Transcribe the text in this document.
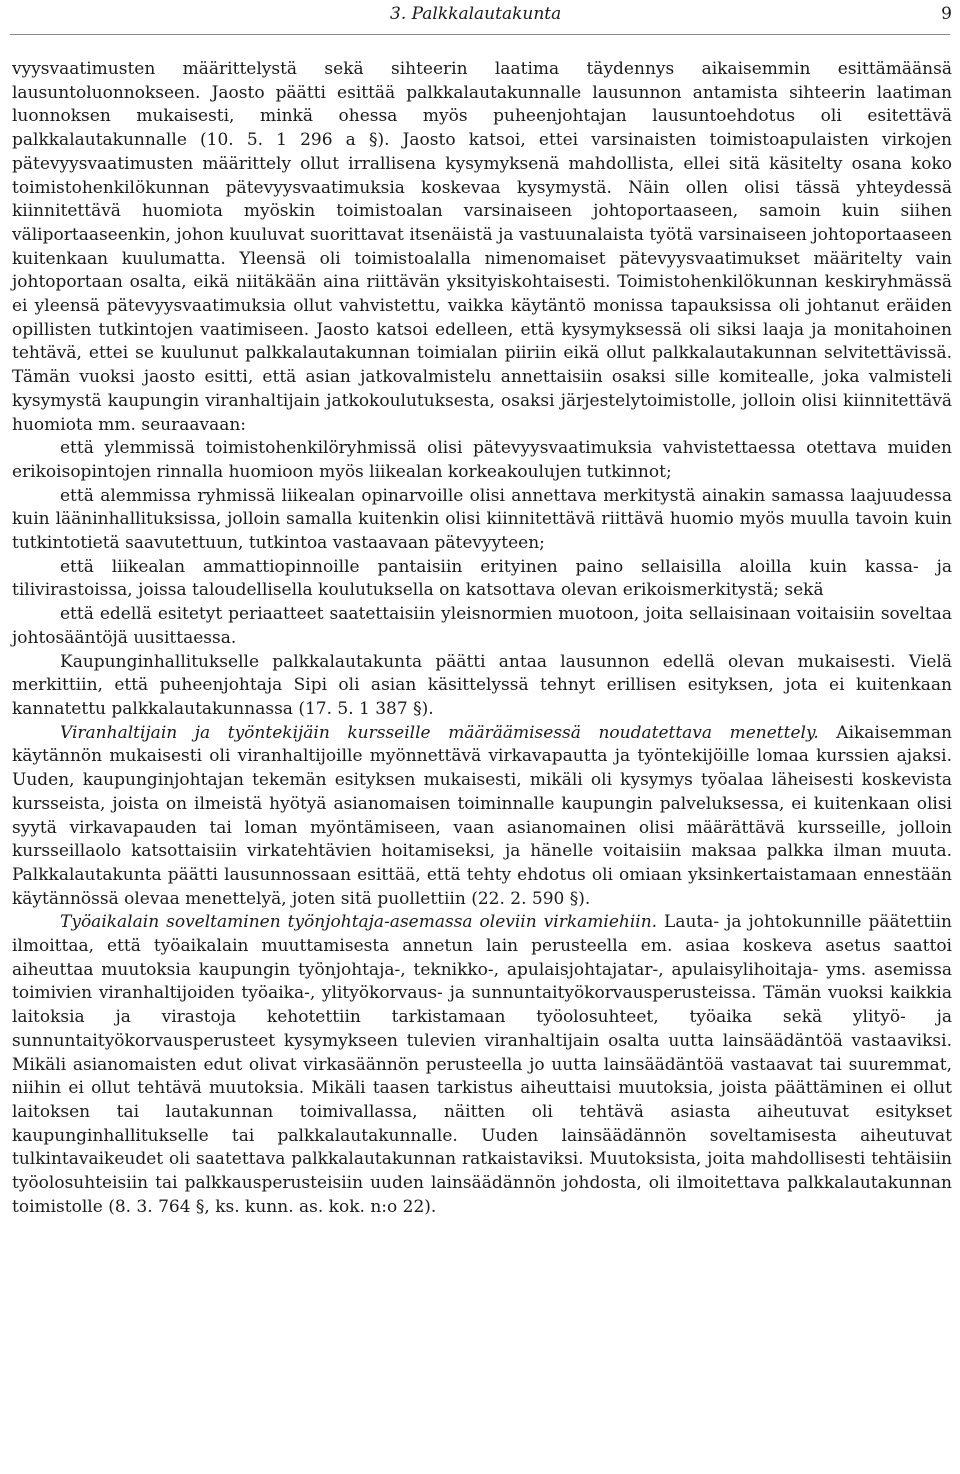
3. Palkkalautakunta	9

vyysvaatimusten määrittelystä sekä sihteerin laatima täydennys aikaisemmin esittämäänsä lausuntoluonnokseen. Jaosto päätti esittää palkkalautakunnalle lausunnon antamista sihteerin laatiman luonnoksen mukaisesti, minkä ohessa myös puheenjohtajan lausuntoehdotus oli esitettävä palkkalautakunnalle (10. 5. 1 296 a §). Jaosto katsoi, ettei varsinaisten toimistoapulaisten virkojen pätevyysvaatimusten määrittely ollut irrallisena kysymyksenä mahdollista, ellei sitä käsitelty osana koko toimistohenkilökunnan pätevyysvaatimuksia koskevaa kysymystä. Näin ollen olisi tässä yhteydessä kiinnitettävä huomiota myöskin toimistoalan varsinaiseen johtoportaaseen, samoin kuin siihen väliportaaseenkin, johon kuuluvat suorittavat itsenäistä ja vastuunalaista työtä varsinaiseen johtoportaaseen kuitenkaan kuulumatta. Yleensä oli toimistoalalla nimenomaiset pätevyysvaatimukset määritelty vain johtoportaan osalta, eikä niitäkään aina riittävän yksityiskohtaisesti. Toimistohenkilökunnan keskiryhmässä ei yleensä pätevyysvaatimuksia ollut vahvistettu, vaikka käytäntö monissa tapauksissa oli johtanut eräiden opillisten tutkintojen vaatimiseen. Jaosto katsoi edelleen, että kysymyksessä oli siksi laaja ja monitahoinen tehtävä, ettei se kuulunut palkkalautakunnan toimialan piiriin eikä ollut palkkalautakunnan selvitettävissä. Tämän vuoksi jaosto esitti, että asian jatkovalmistelu annettaisiin osaksi sille komitealle, joka valmisteli kysymystä kaupungin viranhaltijain jatkokoulutuksesta, osaksi järjestelytoimistolle, jolloin olisi kiinnitettävä huomiota mm. seuraavaan:

että ylemmissä toimistohenkilöryhmissä olisi pätevyysvaatimuksia vahvistettaessa otettava muiden erikoisopintojen rinnalla huomioon myös liikealan korkeakoulujen tutkinnot;

että alemmissa ryhmissä liikealan opinarvoille olisi annettava merkitystä ainakin samassa laajuudessa kuin lääninhallituksissa, jolloin samalla kuitenkin olisi kiinnitettävä riittävä huomio myös muulla tavoin kuin tutkintotietä saavutettuun, tutkintoa vastaavaan pätevyyteen;

että liikealan ammattiopinnoille pantaisiin erityinen paino sellaisilla aloilla kuin kassa- ja tilivirastoissa, joissa taloudellisella koulutuksella on katsottava olevan erikoismerkitystä; sekä

että edellä esitetyt periaatteet saatettaisiin yleisnormien muotoon, joita sellaisinaan voitaisiin soveltaa johtosääntöjä uusittaessa.

Kaupunginhallitukselle palkkalautakunta päätti antaa lausunnon edellä olevan mukaisesti. Vielä merkittiin, että puheenjohtaja Sipi oli asian käsittelyssä tehnyt erillisen esityksen, jota ei kuitenkaan kannatettu palkkalautakunnassa (17. 5. 1 387 §).

Viranhaltijain ja työntekijäin kursseille määräämisessä noudatettava menettely. Aikaisemman käytännön mukaisesti oli viranhaltijoille myönnettävä virkavapautta ja työntekijöille lomaa kurssien ajaksi. Uuden, kaupunginjohtajan tekemän esityksen mukaisesti, mikäli oli kysymys työalaa läheisesti koskevista kursseista, joista on ilmeistä hyötyä asianomaisen toiminnalle kaupungin palveluksessa, ei kuitenkaan olisi syytä virkavapauden tai loman myöntämiseen, vaan asianomainen olisi määrättävä kursseille, jolloin kursseillaolo katsottaisiin virkatehtävien hoitamiseksi, ja hänelle voitaisiin maksaa palkka ilman muuta. Palkkalautakunta päätti lausunnossaan esittää, että tehty ehdotus oli omiaan yksinkertaistamaan ennestään käytännössä olevaa menettelyä, joten sitä puollettiin (22. 2. 590 §).

Työaikalain soveltaminen työnjohtaja-asemassa oleviin virkamiehiin. Lauta- ja johtokunnille päätettiin ilmoittaa, että työaikalain muuttamisesta annetun lain perusteella em. asiaa koskeva asetus saattoi aiheuttaa muutoksia kaupungin työnjohtaja-, teknikko-, apulaisjohtajatar-, apulaisylihoitaja- yms. asemissa toimivien viranhaltijoiden työaika-, ylityökorvaus- ja sunnuntaityökorvausperusteissa. Tämän vuoksi kaikkia laitoksia ja virastoja kehotettiin tarkistamaan työolosuhteet, työaika sekä ylityö- ja sunnuntaityökorvausperusteet kysymykseen tulevien viranhaltijain osalta uutta lainsäädäntöä vastaaviksi. Mikäli asianomaisten edut olivat virkasäännön perusteella jo uutta lainsäädäntöä vastaavat tai suuremmat, niihin ei ollut tehtävä muutoksia. Mikäli taasen tarkistus aiheuttaisi muutoksia, joista päättäminen ei ollut laitoksen tai lautakunnan toimivallassa, näitten oli tehtävä asiasta aiheutuvat esitykset kaupunginhallitukselle tai palkkalautakunnalle. Uuden lainsäädännön soveltamisesta aiheutuvat tulkintavaikeudet oli saatettava palkkalautakunnan ratkaistaviksi. Muutoksista, joita mahdollisesti tehtäisiin työolosuhteisiin tai palkkausperusteisiin uuden lainsäädännön johdosta, oli ilmoitettava palkkalautakunnan toimistolle (8. 3. 764 §, ks. kunn. as. kok. n:o 22).
